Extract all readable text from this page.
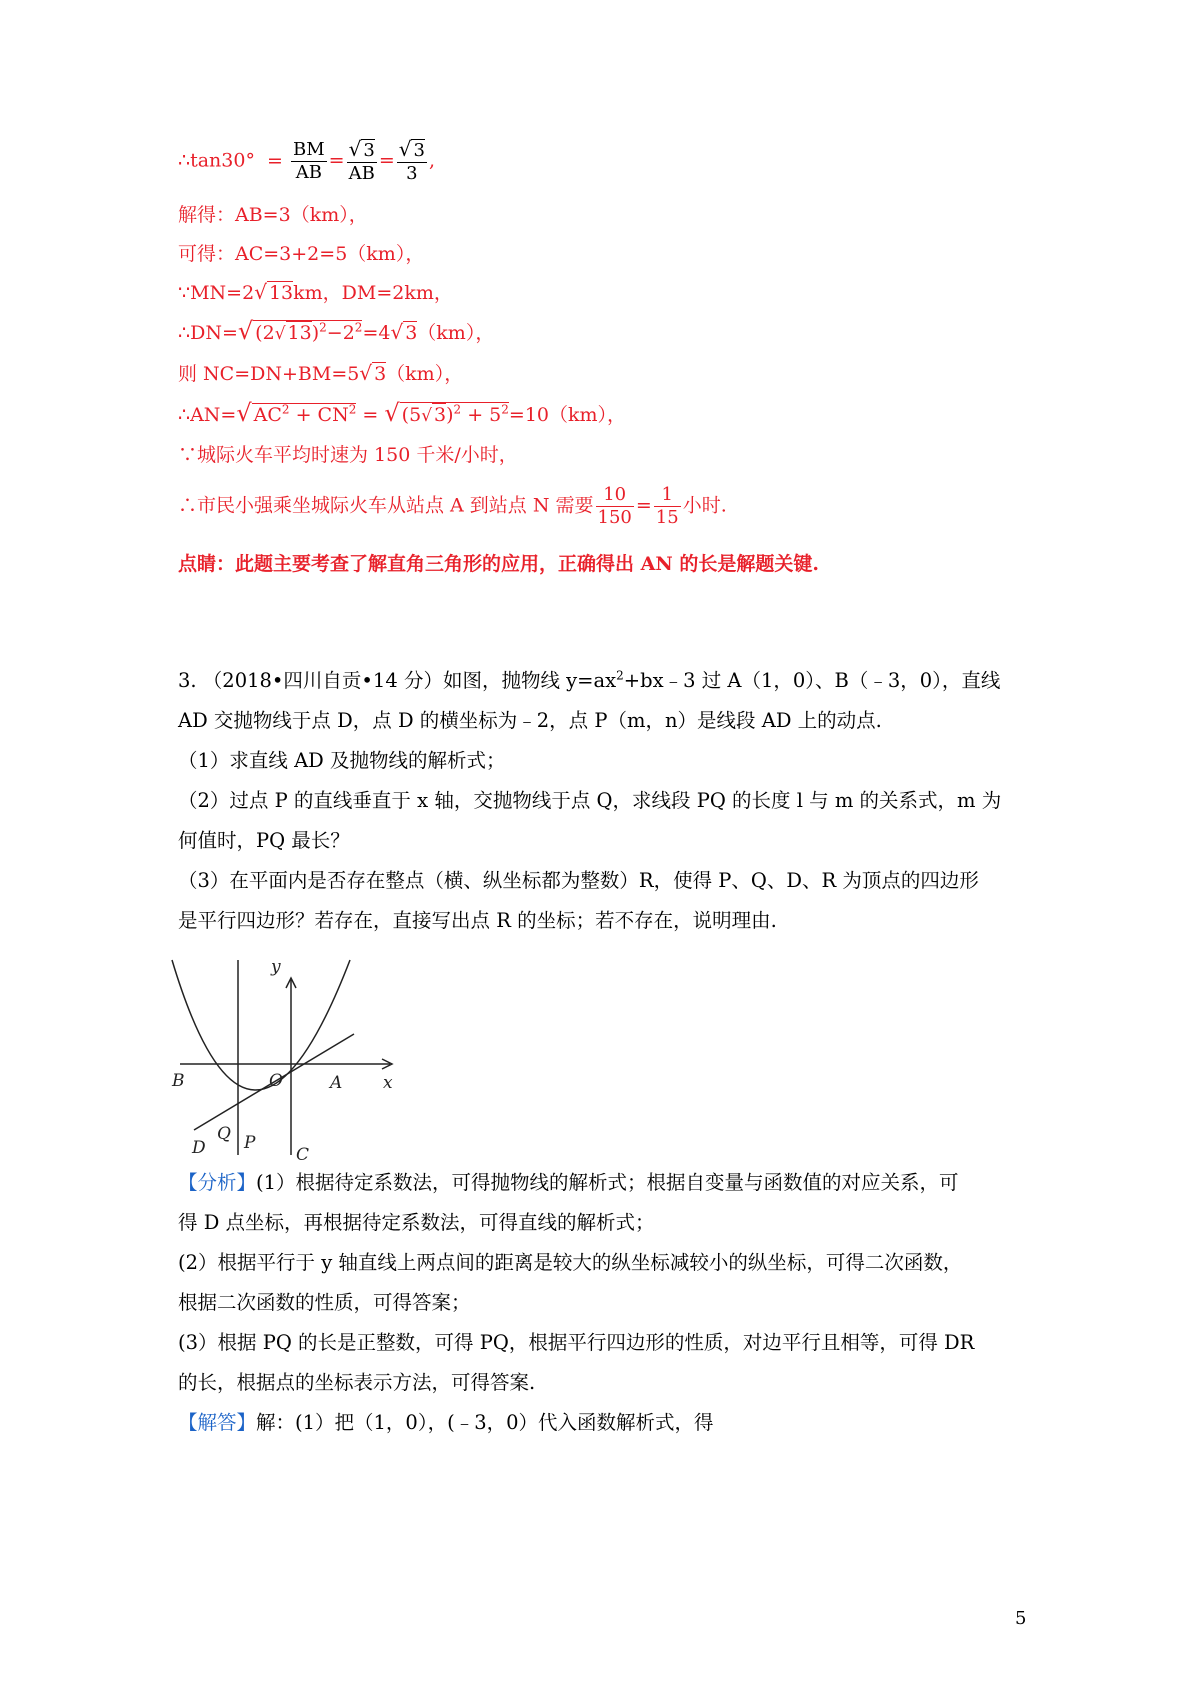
∴tan30° = $\frac{BM}{AB} = \frac{√ 3}{AB} = \frac{√ 3}{3}$ ,
解得：AB=3（km），
可得：AC=3+2=5（km），
∵MN=2√ 13km，DM=2km，
∴DN=√ (2√ $13)^2-2^2=4√$ 3（km），
则 NC=DN+BM=5√ 3（km），
∴AN=√ $AC^2 + CN^2$ = √ (5√ $3)^2 + 5^2=10(km)$，
∵城际火车平均时速为 150 千米/小时，
∴市民小强乘坐城际火车从站点 A 到站点 N 需要 $\frac{10}{150} = \frac{1}{15}$ 小时.
点睛：此题主要考查了解直角三角形的应用，正确得出 AN 的长是解题关键.
3. （2018•四川自贡•14 分）如图，抛物线 $y=ax^2+bx﹣3$ 过 A（1，0）、B（﹣3，0），直线
AD 交抛物线于点 D，点 D 的横坐标为﹣2，点 P（m，n）是线段 AD 上的动点.
（1）求直线 AD 及抛物线的解析式；
（2）过点 P 的直线垂直于 x 轴，交抛物线于点 Q，求线段 PQ 的长度 l 与 m 的关系式，m 为
何值时，PQ 最长？
（3）在平面内是否存在整点（横、纵坐标都为整数）R，使得 P、Q、D、R 为顶点的四边形
是平行四边形？若存在，直接写出点 R 的坐标；若不存在，说明理由.
y
x
B	O	A
D P
C
Q
【分析】(1）根据待定系数法，可得抛物线的解析式；根据自变量与函数值的对应关系，可
得 D 点坐标，再根据待定系数法，可得直线的解析式；
(2）根据平行于 y 轴直线上两点间的距离是较大的纵坐标减较小的纵坐标，可得二次函数，
根据二次函数的性质，可得答案；
(3）根据 PQ 的长是正整数，可得 PQ，根据平行四边形的性质，对边平行且相等，可得 DR
的长，根据点的坐标表示方法，可得答案.
【解答】解：(1）把（1，0），(﹣3，0）代入函数解析式，得
5
